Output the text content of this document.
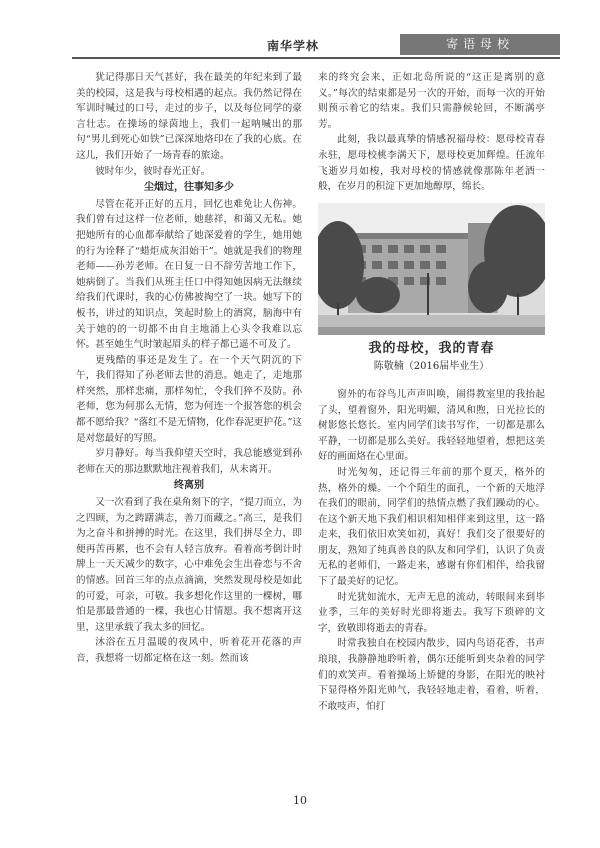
南华学林	寄语母校

犹记得那日天气甚好，我在最美的年纪来到了最美的校园，这是我与母校相遇的起点。我仍然记得在军训时喊过的口号，走过的步子，以及每位同学的豪言壮志。在操场的绿茵地上，我们一起呐喊出的那句“男儿到死心如铁”已深深地烙印在了我的心底。在这儿，我们开始了一场青春的旅途。

彼时年少，彼时春光正好。

尘烟过，往事知多少

尽管在花开正好的五月，回忆也难免让人伤神。我们曾有过这样一位老师，她慈祥，和蔼又无私。她把她所有的心血都奉献给了她深爱着的学生，她用她的行为诠释了“蜡炬成灰泪始干”。她就是我们的物理老师——孙芳老师。在日复一日不辞劳苦地工作下，她病倒了。当我们从班主任口中得知她因病无法继续给我们代课时，我的心仿佛被掏空了一块。她写下的板书，讲过的知识点，笑起时脸上的酒窝，脑海中有关于她的的一切都不由自主地涌上心头令我难以忘怀。甚至她生气时皱起眉头的样子都已遥不可及了。

更残酷的事还是发生了。在一个天气阴沉的下午，我们得知了孙老师去世的消息。她走了，走地那样突然，那样悲痛，那样匆忙，令我们猝不及防。孙老师，您为何那么无情，您为何连一个报答您的机会都不愿给我？“落红不是无情物，化作春泥更护花。”这是对您最好的写照。

岁月静好。每当我仰望天空时，我总能感觉到孙老师在天的那边默默地注视着我们，从未离开。

终离别

又一次看到了我在桌角刻下的字，“提刀而立，为之四顾，为之踌躇满志，善刀而藏之。”高三，是我们为之奋斗和拼搏的时光。在这里，我们拼尽全力，即便再苦再累，也不会有人轻言放弃。看着高考倒计时牌上一天天减少的数字，心中难免会生出眷恋与不舍的情感。回首三年的点点滴滴，突然发现母校是如此的可爱，可亲，可敬。我多想化作这里的一棵树，哪怕是那最普通的一棵，我也心甘情愿。我不想离开这里，这里承载了我太多的回忆。

沐浴在五月温暖的夜风中，听着花开花落的声音，我想将一切都定格在这一刻。然而该

来的终究会来，正如北岛所说的“这正是离别的意义。”每次的结束都是另一次的开始，而每一次的开始则预示着它的结束。我们只需静候轮回，不断满亭芳。

此刻，我以最真挚的情感祝福母校：愿母校青春永驻，愿母校桃李满天下，愿母校更加辉煌。任流年飞逝岁月如梭，我对母校的情感就像那陈年老酒一般，在岁月的积淀下更加地醇厚，绵长。

我的母校，我的青春
陈敬楠（2016届毕业生）

窗外的布谷鸟儿声声叫唤，闹得教室里的我抬起了头，望着窗外，阳光明媚，清风和煦，日光拉长的树影悠长悠长。室内同学们读书写作，一切都是那么平静，一切都是那么美好。我轻轻地望着，想把这美好的画面烙在心里面。

时光匆匆，还记得三年前的那个夏天，格外的热，格外的燥。一个个陌生的面孔，一个新的天地浮在我们的眼前，同学们的热情点燃了我们躁动的心。在这个新天地下我们相识相知相伴来到这里，这一路走来，我们依旧欢笑如初，真好！我们交了很要好的朋友，熟知了纯真善良的队友和同学们，认识了负责无私的老师们，一路走来，感谢有你们相伴，给我留下了最美好的记忆。

时光犹如流水，无声无息的流动，转眼间来到毕业季，三年的美好时光即将逝去。我写下琐碎的文字，致敬即将逝去的青春。

时常我独自在校园内散步，园内鸟语花香，书声琅琅，我静静地聆听着，偶尔还能听到夹杂着的同学们的欢笑声。看着操场上矫健的身影，在阳光的映衬下显得格外阳光帅气，我轻轻地走着，看着，听着，不敢吱声，怕打

10
